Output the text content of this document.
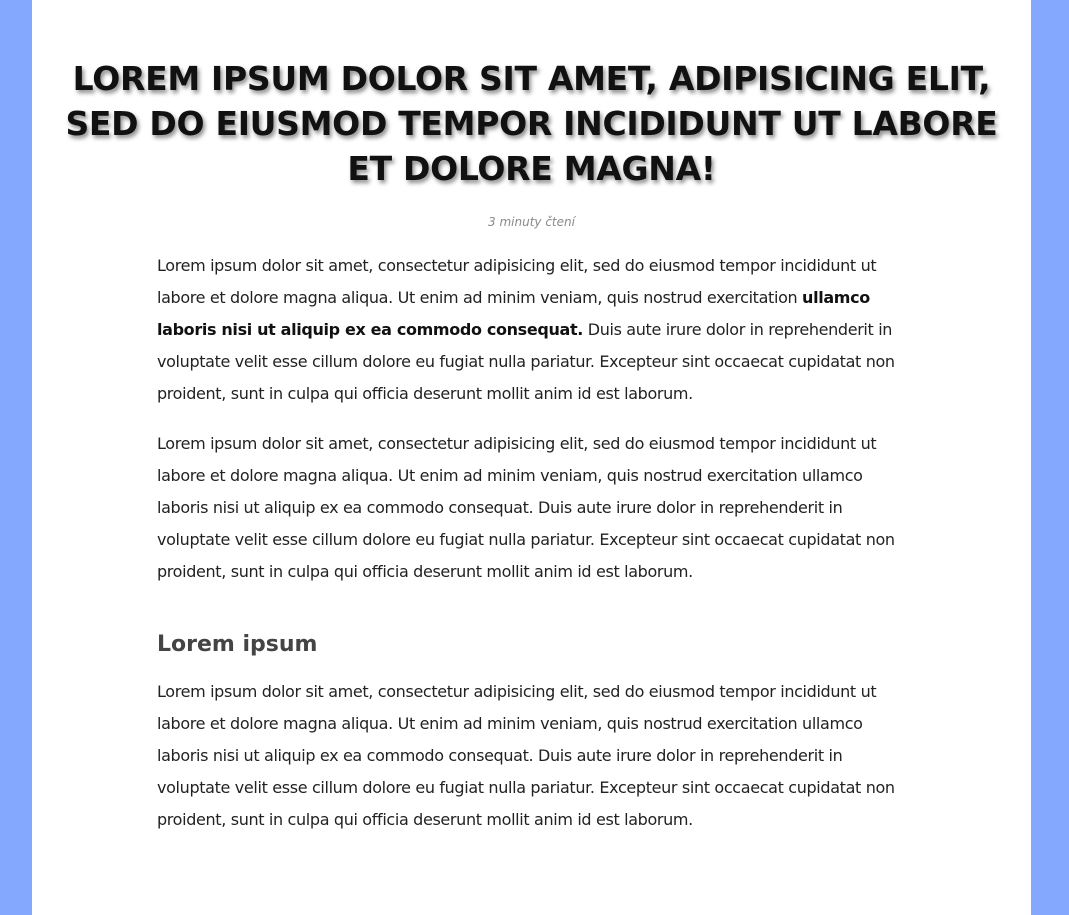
LOREM IPSUM DOLOR SIT AMET, ADIPISICING ELIT, SED DO EIUSMOD TEMPOR INCIDIDUNT UT LABORE ET DOLORE MAGNA!
3 minuty čtení

Lorem ipsum dolor sit amet, consectetur adipisicing elit, sed do eiusmod tempor incididunt ut labore et dolore magna aliqua. Ut enim ad minim veniam, quis nostrud exercitation ullamco laboris nisi ut aliquip ex ea commodo consequat. Duis aute irure dolor in reprehenderit in voluptate velit esse cillum dolore eu fugiat nulla pariatur. Excepteur sint occaecat cupidatat non proident, sunt in culpa qui officia deserunt mollit anim id est laborum.

Lorem ipsum dolor sit amet, consectetur adipisicing elit, sed do eiusmod tempor incididunt ut labore et dolore magna aliqua. Ut enim ad minim veniam, quis nostrud exercitation ullamco laboris nisi ut aliquip ex ea commodo consequat. Duis aute irure dolor in reprehenderit in voluptate velit esse cillum dolore eu fugiat nulla pariatur. Excepteur sint occaecat cupidatat non proident, sunt in culpa qui officia deserunt mollit anim id est laborum.

Lorem ipsum

Lorem ipsum dolor sit amet, consectetur adipisicing elit, sed do eiusmod tempor incididunt ut labore et dolore magna aliqua. Ut enim ad minim veniam, quis nostrud exercitation ullamco laboris nisi ut aliquip ex ea commodo consequat. Duis aute irure dolor in reprehenderit in voluptate velit esse cillum dolore eu fugiat nulla pariatur. Excepteur sint occaecat cupidatat non proident, sunt in culpa qui officia deserunt mollit anim id est laborum.
